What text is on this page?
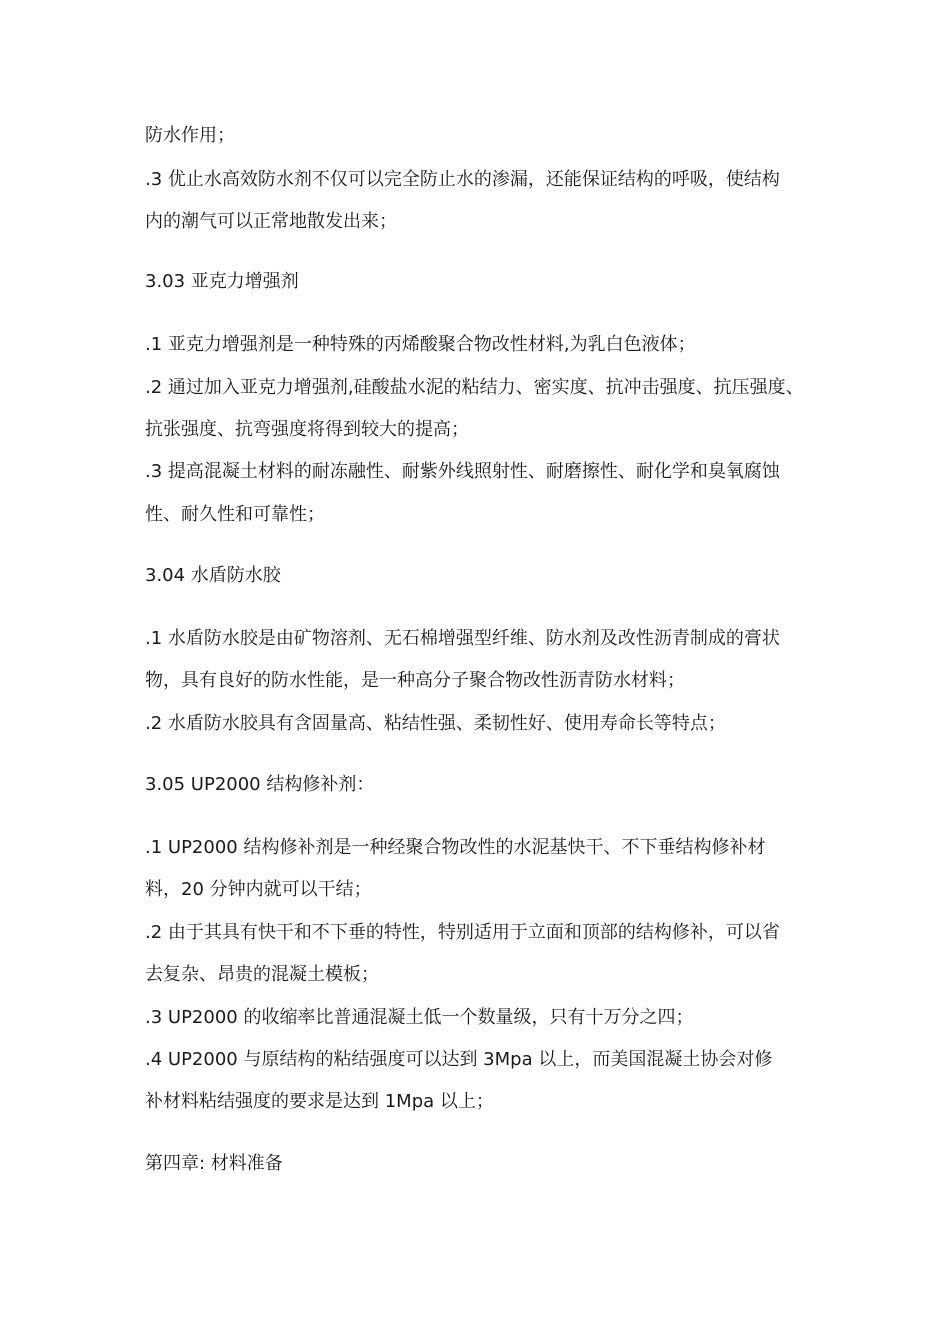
防水作用；
.3 优止水高效防水剂不仅可以完全防止水的渗漏，还能保证结构的呼吸，使结构
内的潮气可以正常地散发出来；
3.03 亚克力增强剂
.1 亚克力增强剂是一种特殊的丙烯酸聚合物改性材料,为乳白色液体；
.2 通过加入亚克力增强剂,硅酸盐水泥的粘结力、密实度、抗冲击强度、抗压强度、
抗张强度、抗弯强度将得到较大的提高；
.3 提高混凝土材料的耐冻融性、耐紫外线照射性、耐磨擦性、耐化学和臭氧腐蚀
性、耐久性和可靠性；
3.04 水盾防水胶
.1 水盾防水胶是由矿物溶剂、无石棉增强型纤维、防水剂及改性沥青制成的膏状
物，具有良好的防水性能，是一种高分子聚合物改性沥青防水材料；
.2 水盾防水胶具有含固量高、粘结性强、柔韧性好、使用寿命长等特点；
3.05 UP2000 结构修补剂：
.1 UP2000 结构修补剂是一种经聚合物改性的水泥基快干、不下垂结构修补材
料，20 分钟内就可以干结；
.2 由于其具有快干和不下垂的特性，特别适用于立面和顶部的结构修补，可以省
去复杂、昂贵的混凝土模板；
.3 UP2000 的收缩率比普通混凝土低一个数量级，只有十万分之四；
.4 UP2000 与原结构的粘结强度可以达到 3Mpa 以上，而美国混凝土协会对修
补材料粘结强度的要求是达到 1Mpa 以上；
第四章: 材料准备
